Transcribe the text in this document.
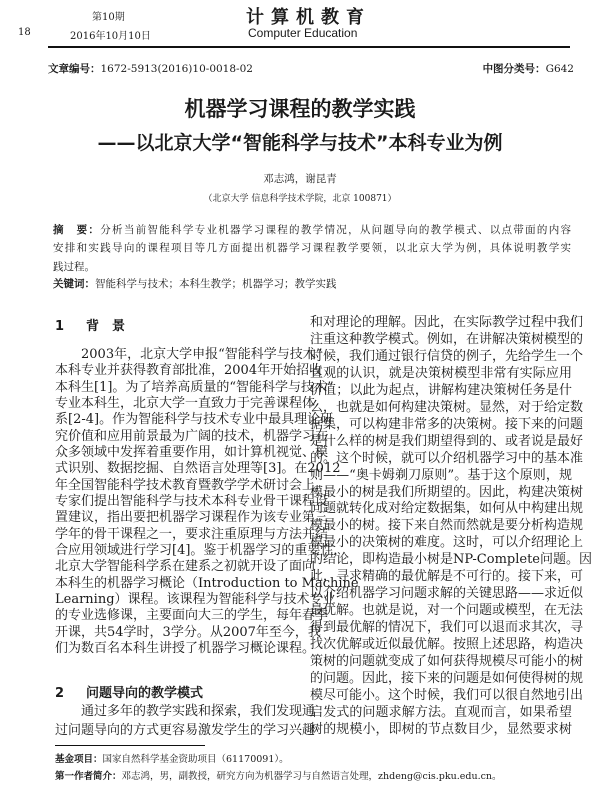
第10期
18	2016年10月10日
计算机教育
Computer Education
文章编号：1672-5913(2016)10-0018-02	中图分类号：G642
机器学习课程的教学实践
——以北京大学“智能科学与技术”本科专业为例
邓志鸿，谢昆青
（北京大学 信息科学技术学院，北京 100871）
摘　要：分析当前智能科学专业机器学习课程的教学情况，从问题导向的教学模式、以点带面的内容
安排和实践导向的课程项目等几方面提出机器学习课程教学要领，以北京大学为例，具体说明教学实
践过程。
关键词：智能科学与技术；本科生教学；机器学习；教学实践
1 背　景
2 问题导向的教学模式
2003年，北京大学申报“智能科学与技术”
本科专业并获得教育部批准，2004年开始招收
本科生[1]。为了培养高质量的“智能科学与技术”
专业本科生，北京大学一直致力于完善课程体
系[2-4]。作为智能科学与技术专业中最具理论研
究价值和应用前景最为广阔的技术，机器学习在
众多领域中发挥着重要作用，如计算机视觉、模
式识别、数据挖掘、自然语言处理等[3]。在2012
年全国智能科学技术教育暨教学学术研讨会上，
专家们提出智能科学与技术本科专业骨干课程设
置建议，指出要把机器学习课程作为该专业第三
学年的骨干课程之一，要求注重原理与方法并结
合应用领域进行学习[4]。鉴于机器学习的重要性，
北京大学智能科学系在建系之初就开设了面向
本科生的机器学习概论（Introduction to Machine
Learning）课程。该课程为智能科学与技术专业
的专业选修课，主要面向大三的学生，每年春季
开课，共54学时，3学分。从2007年至今，我
们为数百名本科生讲授了机器学习概论课程。
通过多年的教学实践和探索，我们发现通
过问题导向的方式更容易激发学生的学习兴趣
和对理论的理解。因此，在实际教学过程中我们
注重这种教学模式。例如，在讲解决策树模型的
时候，我们通过银行信贷的例子，先给学生一个
直观的认识，就是决策树模型非常有实际应用
价值；以此为起点，讲解构建决策树任务是什
么，也就是如何构建决策树。显然，对于给定数
据集，可以构建非常多的决策树。接下来的问题
是什么样的树是我们期望得到的、或者说是最好
的。这个时候，就可以介绍机器学习中的基本准
则——“奥卡姆剃刀原则”。基于这个原则，规
模最小的树是我们所期望的。因此，构建决策树
问题就转化成对给定数据集，如何从中构建出规
模最小的树。接下来自然而然就是要分析构造规
模最小的决策树的难度。这时，可以介绍理论上
的结论，即构造最小树是NP-Complete问题。因
此，寻求精确的最优解是不可行的。接下来，可
以介绍机器学习问题求解的关键思路——求近似
最优解。也就是说，对一个问题或模型，在无法
得到最优解的情况下，我们可以退而求其次，寻
找次优解或近似最优解。按照上述思路，构造决
策树的问题就变成了如何获得规模尽可能小的树
的问题。因此，接下来的问题是如何使得树的规
模尽可能小。这个时候，我们可以很自然地引出
启发式的问题求解方法。直观而言，如果希望
树的规模小，即树的节点数目少，显然要求树
基金项目：国家自然科学基金资助项目（61170091）。
第一作者简介：邓志鸿，男，副教授，研究方向为机器学习与自然语言处理，zhdeng@cis.pku.edu.cn。
